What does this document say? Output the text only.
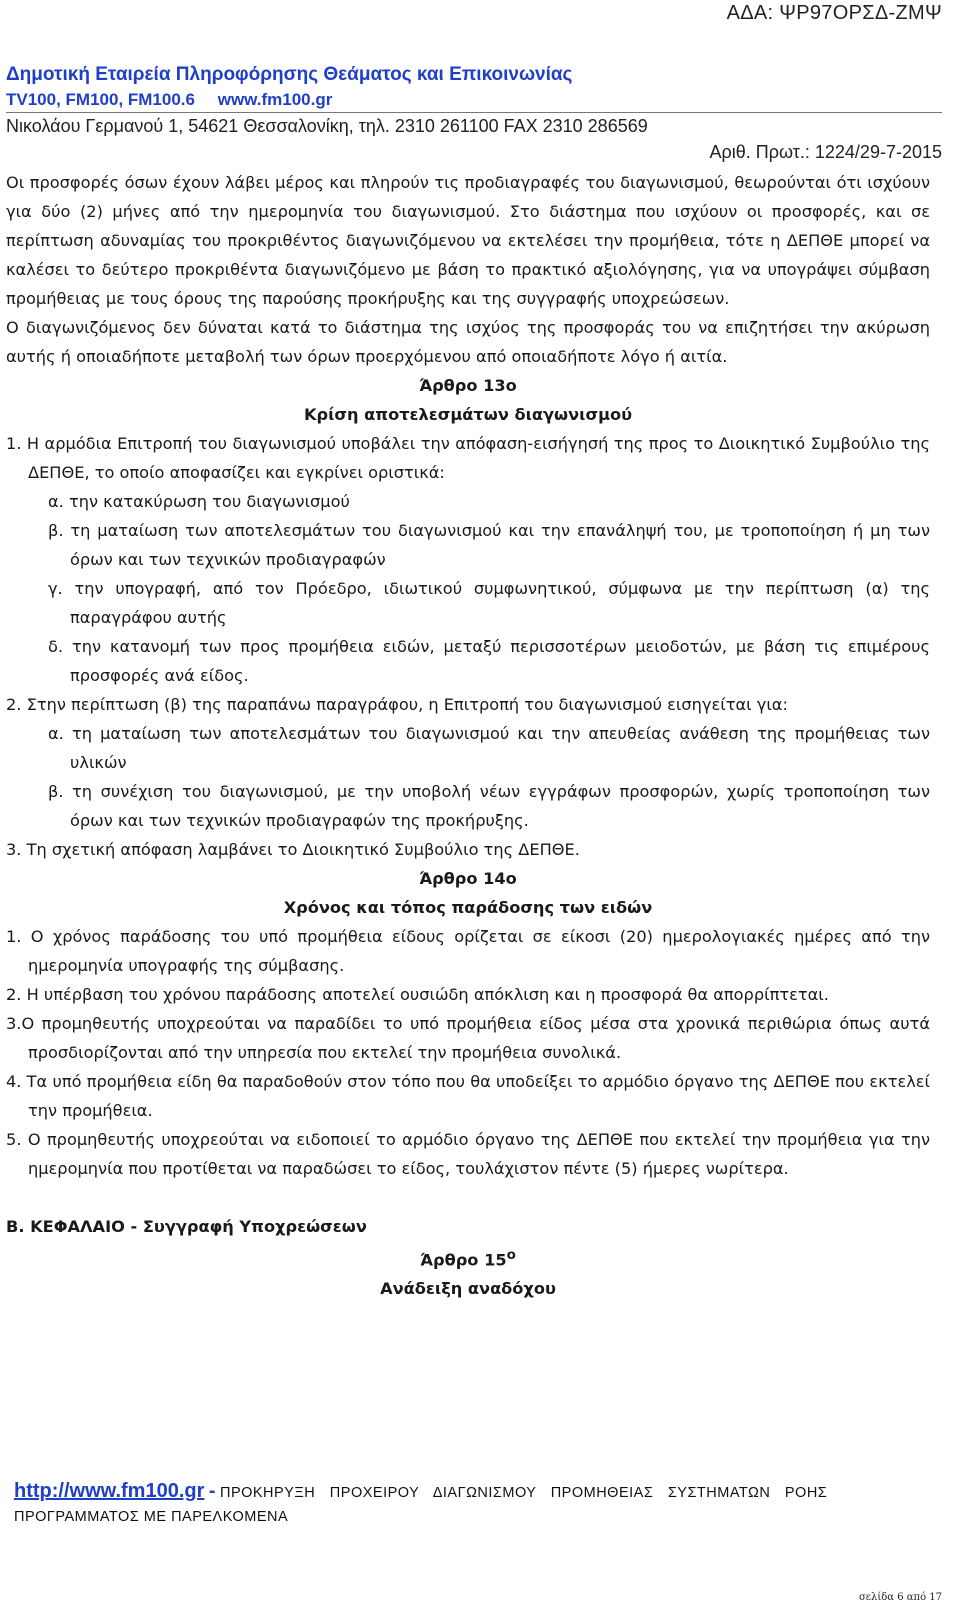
ΑΔΑ: ΨΡ97ΟΡΣΔ-ΖΜΨ
Δημοτική Εταιρεία Πληροφόρησης Θεάματος και Επικοινωνίας
TV100, FM100, FM100.6 www.fm100.gr
Νικολάου Γερμανού 1, 54621 Θεσσαλονίκη, τηλ. 2310 261100 FAX 2310 286569
Αριθ. Πρωτ.: 1224/29-7-2015

Οι προσφορές όσων έχουν λάβει μέρος και πληρούν τις προδιαγραφές του διαγωνισμού, θεωρούνται ότι ισχύουν για δύο (2) μήνες από την ημερομηνία του διαγωνισμού. Στο διάστημα που ισχύουν οι προσφορές, και σε περίπτωση αδυναμίας του προκριθέντος διαγωνιζόμενου να εκτελέσει την προμήθεια, τότε η ΔΕΠΘΕ μπορεί να καλέσει το δεύτερο προκριθέντα διαγωνιζόμενο με βάση το πρακτικό αξιολόγησης, για να υπογράψει σύμβαση προμήθειας με τους όρους της παρούσης προκήρυξης και της συγγραφής υποχρεώσεων.

Ο διαγωνιζόμενος δεν δύναται κατά το διάστημα της ισχύος της προσφοράς του να επιζητήσει την ακύρωση αυτής ή οποιαδήποτε μεταβολή των όρων προερχόμενου από οποιαδήποτε λόγο ή αιτία.

Άρθρο 13ο

Κρίση αποτελεσμάτων διαγωνισμού

1. Η αρμόδια Επιτροπή του διαγωνισμού υποβάλει την απόφαση-εισήγησή της προς το Διοικητικό Συμβούλιο της ΔΕΠΘΕ, το οποίο αποφασίζει και εγκρίνει οριστικά:

α. την κατακύρωση του διαγωνισμού

β. τη ματαίωση των αποτελεσμάτων του διαγωνισμού και την επανάληψή του, με τροποποίηση ή μη των όρων και των τεχνικών προδιαγραφών

γ. την υπογραφή, από τον Πρόεδρο, ιδιωτικού συμφωνητικού, σύμφωνα με την περίπτωση (α) της παραγράφου αυτής

δ. την κατανομή των προς προμήθεια ειδών, μεταξύ περισσοτέρων μειοδοτών, με βάση τις επιμέρους προσφορές ανά είδος.

2. Στην περίπτωση (β) της παραπάνω παραγράφου, η Επιτροπή του διαγωνισμού εισηγείται για:

α. τη ματαίωση των αποτελεσμάτων του διαγωνισμού και την απευθείας ανάθεση της προμήθειας των υλικών

β. τη συνέχιση του διαγωνισμού, με την υποβολή νέων εγγράφων προσφορών, χωρίς τροποποίηση των όρων και των τεχνικών προδιαγραφών της προκήρυξης.

3. Τη σχετική απόφαση λαμβάνει το Διοικητικό Συμβούλιο της ΔΕΠΘΕ.

Άρθρο 14ο

Χρόνος και τόπος παράδοσης των ειδών

1. Ο χρόνος παράδοσης του υπό προμήθεια είδους ορίζεται σε είκοσι (20) ημερολογιακές ημέρες από την ημερομηνία υπογραφής της σύμβασης.

2. Η υπέρβαση του χρόνου παράδοσης αποτελεί ουσιώδη απόκλιση και η προσφορά θα απορρίπτεται.

3.Ο προμηθευτής υποχρεούται να παραδίδει το υπό προμήθεια είδος μέσα στα χρονικά περιθώρια όπως αυτά προσδιορίζονται από την υπηρεσία που εκτελεί την προμήθεια συνολικά.

4. Τα υπό προμήθεια είδη θα παραδοθούν στον τόπο που θα υποδείξει το αρμόδιο όργανο της ΔΕΠΘΕ που εκτελεί την προμήθεια.

5. Ο προμηθευτής υποχρεούται να ειδοποιεί το αρμόδιο όργανο της ΔΕΠΘΕ που εκτελεί την προμήθεια για την ημερομηνία που προτίθεται να παραδώσει το είδος, τουλάχιστον πέντε (5) ήμερες νωρίτερα.

Β. ΚΕΦΑΛΑΙΟ - Συγγραφή Υποχρεώσεων

Άρθρο $15^o$

Ανάδειξη αναδόχου

http://www.fm100.gr - ΠΡΟΚΗΡΥΞΗ ΠΡΟΧΕΙΡΟΥ ΔΙΑΓΩΝΙΣΜΟΥ ΠΡΟΜΗΘΕΙΑΣ ΣΥΣΤΗΜΑΤΩΝ ΡΟΗΣ
ΠΡΟΓΡΑΜΜΑΤΟΣ ΜΕ ΠΑΡΕΛΚΟΜΕΝΑ
σελίδα 6 από 17
